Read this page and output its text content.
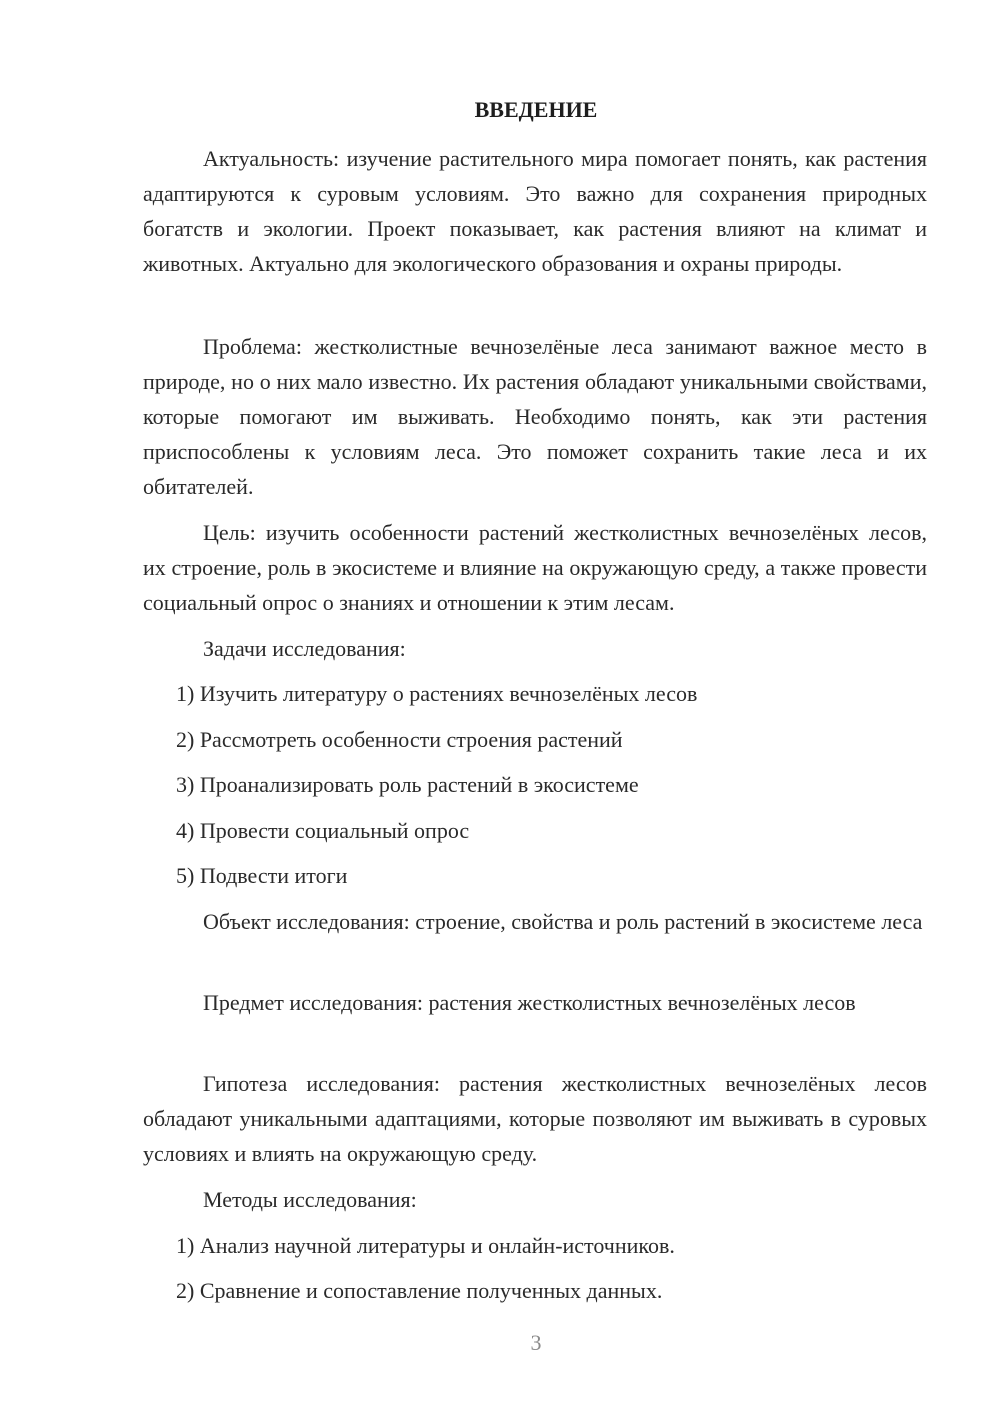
ВВЕДЕНИЕ

Актуальность: изучение растительного мира помогает понять, как растения адаптируются к суровым условиям. Это важно для сохранения природных богатств и экологии. Проект показывает, как растения влияют на климат и животных. Актуально для экологического образования и охраны природы.

Проблема: жестколистные вечнозелёные леса занимают важное место в природе, но о них мало известно. Их растения обладают уникальными свойствами, которые помогают им выживать. Необходимо понять, как эти растения приспособлены к условиям леса. Это поможет сохранить такие леса и их обитателей.

Цель: изучить особенности растений жестколистных вечнозелёных лесов, их строение, роль в экосистеме и влияние на окружающую среду, а также провести социальный опрос о знаниях и отношении к этим лесам.

Задачи исследования:

1) Изучить литературу о растениях вечнозелёных лесов

2) Рассмотреть особенности строения растений

3) Проанализировать роль растений в экосистеме

4) Провести социальный опрос

5) Подвести итоги

Объект исследования: строение, свойства и роль растений в экосистеме леса

Предмет исследования: растения жестколистных вечнозелёных лесов

Гипотеза исследования: растения жестколистных вечнозелёных лесов обладают уникальными адаптациями, которые позволяют им выживать в суровых условиях и влиять на окружающую среду.

Методы исследования:

1) Анализ научной литературы и онлайн-источников.

2) Сравнение и сопоставление полученных данных.

3
